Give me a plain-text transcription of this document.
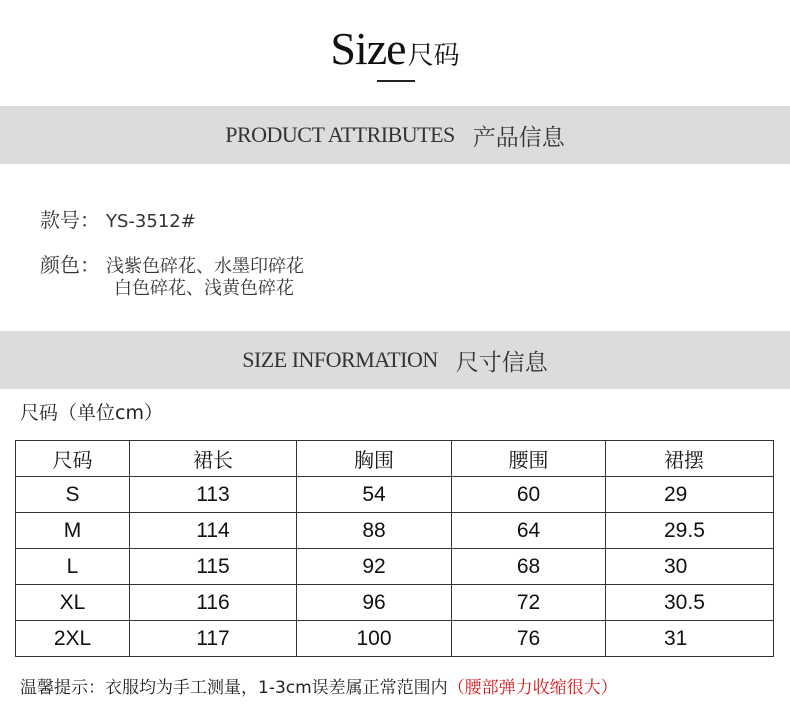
Size尺码
PRODUCT ATTRIBUTES 产品信息
款号： YS-3512#
颜色： 浅紫色碎花、水墨印碎花
白色碎花、浅黄色碎花
SIZE INFORMATION 尺寸信息
尺码（单位cm）
尺码	裙长	胸围	腰围	裙摆
S	113	54	60	29
M	114	88	64	29.5
L	115	92	68	30
XL	116	96	72	30.5
2XL	117	100	76	31
温馨提示：衣服均为手工测量，1-3cm误差属正常范围内（腰部弹力收缩很大）
